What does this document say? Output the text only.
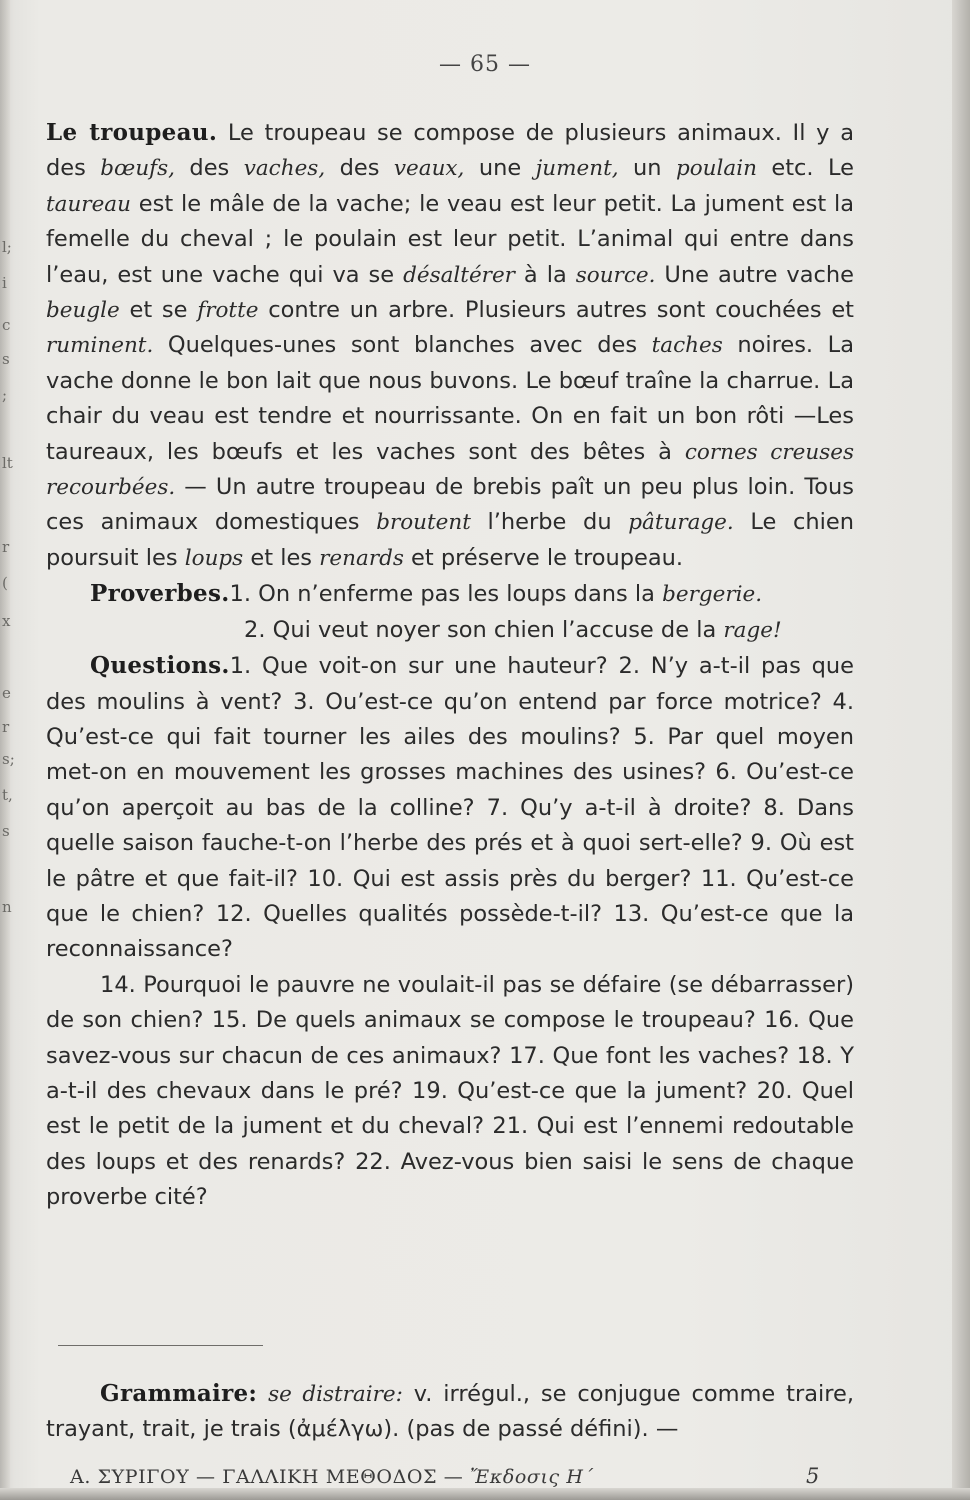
l;
i
c
s
;
lt
r
(
x
e
r
s;
t,
s
n
— 65 —

Le troupeau. Le troupeau se compose de plusieurs animaux. Il y a des bœufs, des vaches, des veaux, une jument, un poulain etc. Le taureau est le mâle de la vache; le veau est leur petit. La jument est la femelle du cheval ; le poulain est leur petit. L’animal qui entre dans l’eau, est une vache qui va se désaltérer à la source. Une autre vache beugle et se frotte contre un arbre. Plusieurs autres sont couchées et ruminent. Quelques-unes sont blanches avec des taches noires. La vache donne le bon lait que nous buvons. Le bœuf traîne la charrue. La chair du veau est tendre et nourrissante. On en fait un bon rôti —Les taureaux, les bœufs et les vaches sont des bêtes à cornes creuses recourbées. — Un autre troupeau de brebis paît un peu plus loin. Tous ces animaux domestiques broutent l’herbe du pâturage. Le chien poursuit les loups et les renards et préserve le troupeau.

Proverbes.1. On n’enferme pas les loups dans la bergerie.

2. Qui veut noyer son chien l’accuse de la rage!

Questions.1. Que voit-on sur une hauteur? 2. N’y a-t-il pas que des moulins à vent? 3. Ou’est-ce qu’on entend par force motrice? 4. Qu’est-ce qui fait tourner les ailes des moulins? 5. Par quel moyen met-on en mouvement les grosses machines des usines? 6. Ou’est-ce qu’on aperçoit au bas de la colline? 7. Qu’y a-t-il à droite? 8. Dans quelle saison fauche-t-on l’herbe des prés et à quoi sert-elle? 9. Où est le pâtre et que fait-il? 10. Qui est assis près du berger? 11. Qu’est-ce que le chien? 12. Quelles qualités possède-t-il? 13. Qu’est-ce que la reconnaissance?

14. Pourquoi le pauvre ne voulait-il pas se défaire (se débarrasser) de son chien? 15. De quels animaux se compose le troupeau? 16. Que savez-vous sur chacun de ces animaux? 17. Que font les vaches? 18. Y a-t-il des chevaux dans le pré? 19. Qu’est-ce que la jument? 20. Quel est le petit de la jument et du cheval? 21. Qui est l’ennemi redoutable des loups et des renards? 22. Avez-vous bien saisi le sens de chaque proverbe cité?

Grammaire: se distraire: v. irrégul., se conjugue comme traire, trayant, trait, je trais (ἀμέλγω). (pas de passé défini). —

Α. ΣΥΡΙΓΟΥ — ΓΑΛΛΙΚΗ ΜΕΘΟΔΟΣ — Ἔκδοσις Η΄	5
